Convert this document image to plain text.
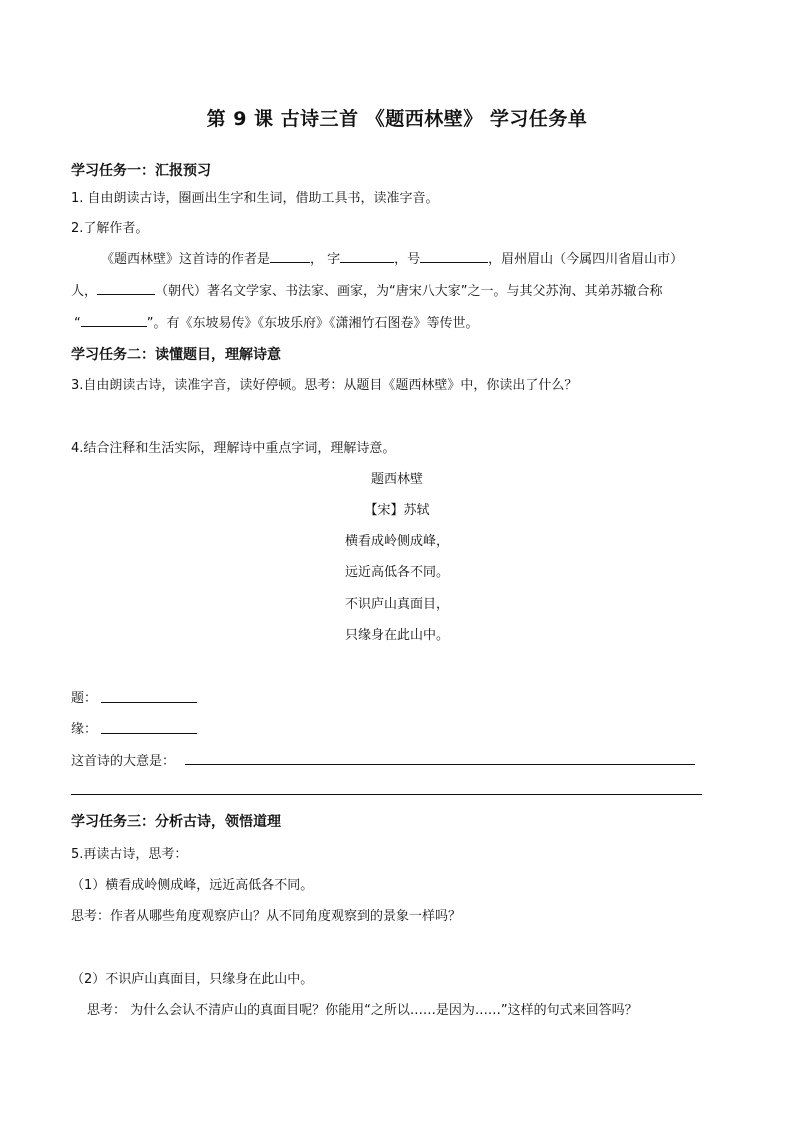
第 9 课 古诗三首 《题西林壁》 学习任务单
学习任务一：汇报预习
1. 自由朗读古诗，圈画出生字和生词，借助工具书，读准字音。
2.了解作者。
《题西林壁》这首诗的作者是	， 字	，号	，眉州眉山（今属四川省眉山市）
人，	（朝代）著名文学家、书法家、画家，为“唐宋八大家”之一。与其父苏洵、其弟苏辙合称
“	”。有《东坡易传》《东坡乐府》《潇湘竹石图卷》等传世。
学习任务二：读懂题目，理解诗意
3.自由朗读古诗，读准字音，读好停顿。思考：从题目《题西林壁》中，你读出了什么？
4.结合注释和生活实际，理解诗中重点字词，理解诗意。
题西林壁
【宋】苏轼
横看成岭侧成峰，
远近高低各不同。
不识庐山真面目，
只缘身在此山中。
题：
缘：
这首诗的大意是：
学习任务三：分析古诗，领悟道理
5.再读古诗，思考：
（1）横看成岭侧成峰，远近高低各不同。
思考：作者从哪些角度观察庐山？从不同角度观察到的景象一样吗？
（2）不识庐山真面目，只缘身在此山中。
思考： 为什么会认不清庐山的真面目呢？你能用“之所以……是因为……”这样的句式来回答吗？
